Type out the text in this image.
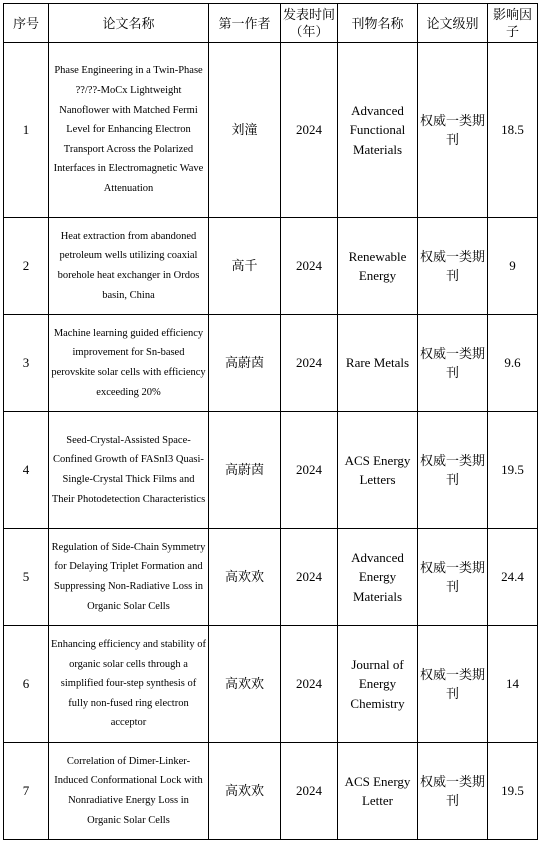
序号	论文名称	第一作者	发表时间（年）	刊物名称	论文级别	影响因子
1	Phase Engineering in a Twin-Phase ??/??-MoCx Lightweight Nanoflower with Matched Fermi Level for Enhancing Electron Transport Across the Polarized Interfaces in Electromagnetic Wave Attenuation	刘潼	2024	Advanced Functional Materials	权威一类期刊	18.5
2	Heat extraction from abandoned petroleum wells utilizing coaxial borehole heat exchanger in Ordos basin, China	高千	2024	Renewable Energy	权威一类期刊	9
3	Machine learning guided efficiency improvement for Sn-based perovskite solar cells with efficiency exceeding 20%	高蔚茵	2024	Rare Metals	权威一类期刊	9.6
4	Seed-Crystal-Assisted Space-Confined Growth of FASnI3 Quasi-Single-Crystal Thick Films and Their Photodetection Characteristics	高蔚茵	2024	ACS Energy Letters	权威一类期刊	19.5
5	Regulation of Side-Chain Symmetry for Delaying Triplet Formation and Suppressing Non-Radiative Loss in Organic Solar Cells	高欢欢	2024	Advanced Energy Materials	权威一类期刊	24.4
6	Enhancing efficiency and stability of organic solar cells through a simplified four-step synthesis of fully non-fused ring electron acceptor	高欢欢	2024	Journal of Energy Chemistry	权威一类期刊	14
7	Correlation of Dimer-Linker-Induced Conformational Lock with Nonradiative Energy Loss in Organic Solar Cells	高欢欢	2024	ACS Energy Letter	权威一类期刊	19.5
